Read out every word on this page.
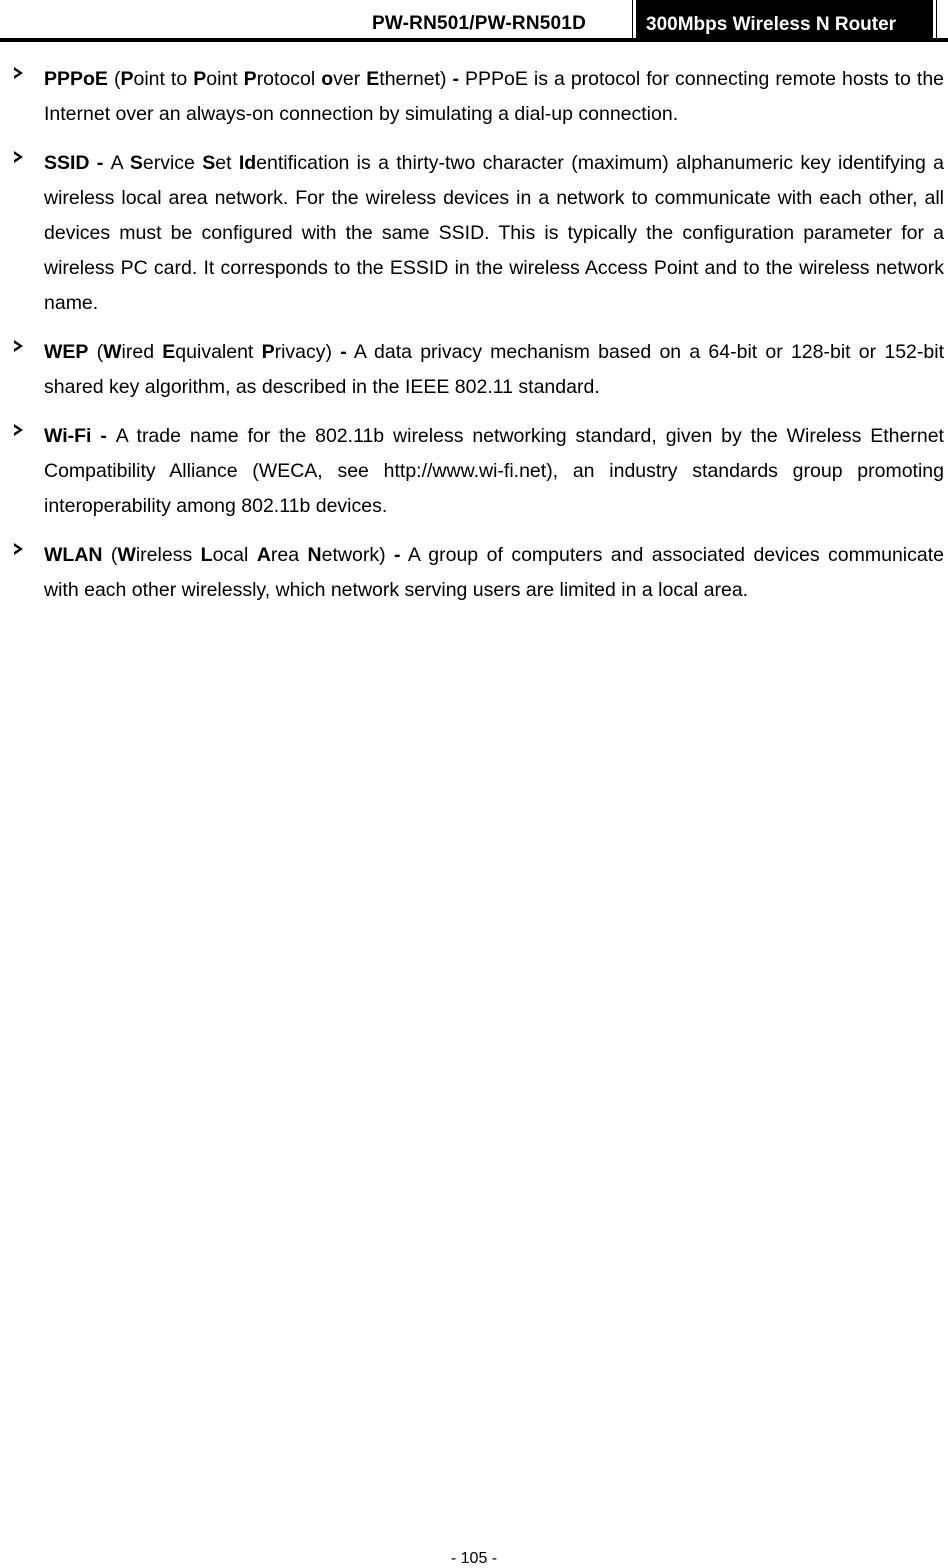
PW-RN501/PW-RN501D	300Mbps Wireless N Router
PPPoE (Point to Point Protocol over Ethernet) - PPPoE is a protocol for connecting remote hosts to the Internet over an always-on connection by simulating a dial-up connection.
SSID - A Service Set Identification is a thirty-two character (maximum) alphanumeric key identifying a wireless local area network. For the wireless devices in a network to communicate with each other, all devices must be configured with the same SSID. This is typically the configuration parameter for a wireless PC card. It corresponds to the ESSID in the wireless Access Point and to the wireless network name.
WEP (Wired Equivalent Privacy) - A data privacy mechanism based on a 64-bit or 128-bit or 152-bit shared key algorithm, as described in the IEEE 802.11 standard.
Wi-Fi - A trade name for the 802.11b wireless networking standard, given by the Wireless Ethernet Compatibility Alliance (WECA, see http://www.wi-fi.net), an industry standards group promoting interoperability among 802.11b devices.
WLAN (Wireless Local Area Network) - A group of computers and associated devices communicate with each other wirelessly, which network serving users are limited in a local area.
- 105 -
